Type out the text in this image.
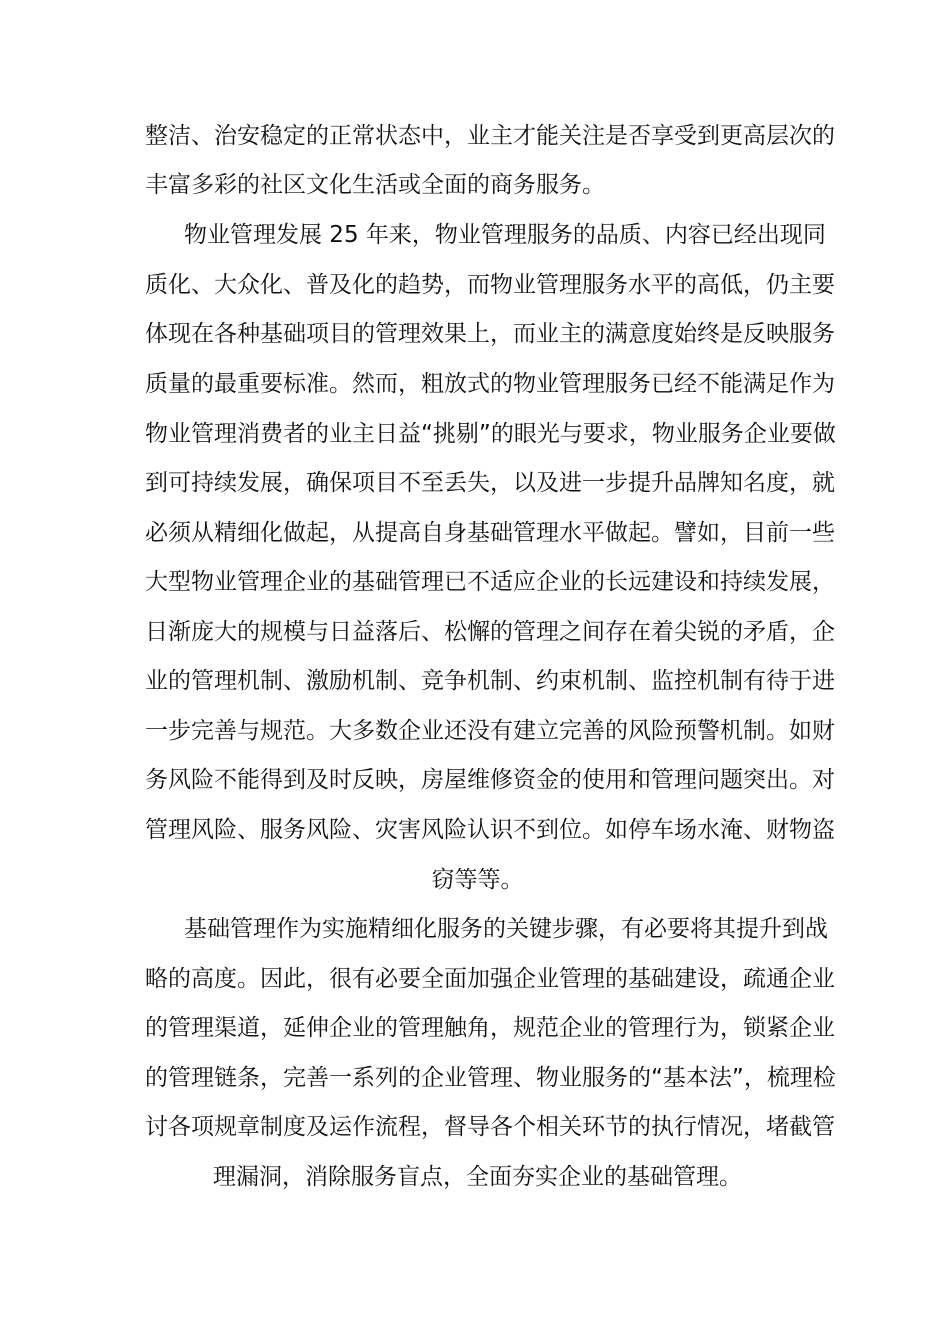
整洁、治安稳定的正常状态中，业主才能关注是否享受到更高层次的
丰富多彩的社区文化生活或全面的商务服务。
物业管理发展 25 年来，物业管理服务的品质、内容已经出现同
质化、大众化、普及化的趋势，而物业管理服务水平的高低，仍主要
体现在各种基础项目的管理效果上，而业主的满意度始终是反映服务
质量的最重要标准。然而，粗放式的物业管理服务已经不能满足作为
物业管理消费者的业主日益“挑剔”的眼光与要求，物业服务企业要做
到可持续发展，确保项目不至丢失，以及进一步提升品牌知名度，就
必须从精细化做起，从提高自身基础管理水平做起。譬如，目前一些
大型物业管理企业的基础管理已不适应企业的长远建设和持续发展，
日渐庞大的规模与日益落后、松懈的管理之间存在着尖锐的矛盾，企
业的管理机制、激励机制、竞争机制、约束机制、监控机制有待于进
一步完善与规范。大多数企业还没有建立完善的风险预警机制。如财
务风险不能得到及时反映，房屋维修资金的使用和管理问题突出。对
管理风险、服务风险、灾害风险认识不到位。如停车场水淹、财物盗
窃等等。
基础管理作为实施精细化服务的关键步骤，有必要将其提升到战
略的高度。因此，很有必要全面加强企业管理的基础建设，疏通企业
的管理渠道，延伸企业的管理触角，规范企业的管理行为，锁紧企业
的管理链条，完善一系列的企业管理、物业服务的“基本法”，梳理检
讨各项规章制度及运作流程，督导各个相关环节的执行情况，堵截管
理漏洞，消除服务盲点，全面夯实企业的基础管理。
